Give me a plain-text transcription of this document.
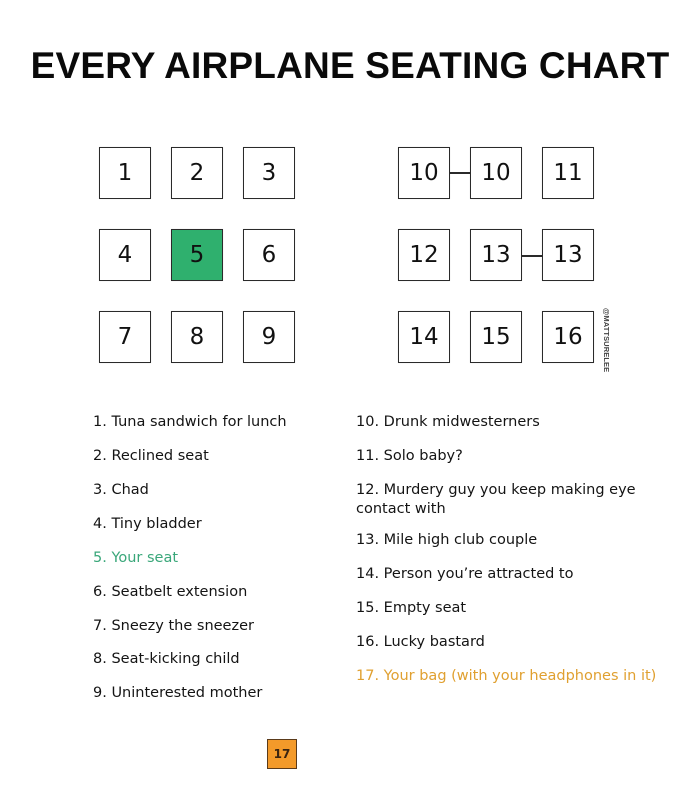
EVERY AIRPLANE SEATING CHART
1	2	3
4	5	6
7	8	9
10	10	11
12	13	13
14	15	16	@MATTSURELEE
1. Tuna sandwich for lunch
2. Reclined seat
3. Chad
4. Tiny bladder
5. Your seat
6. Seatbelt extension
7. Sneezy the sneezer
8. Seat-kicking child
9. Uninterested mother
10. Drunk midwesterners
11. Solo baby?
12. Murdery guy you keep making eye contact with
13. Mile high club couple
14. Person you’re attracted to
15. Empty seat
16. Lucky bastard
17. Your bag (with your headphones in it)
17
